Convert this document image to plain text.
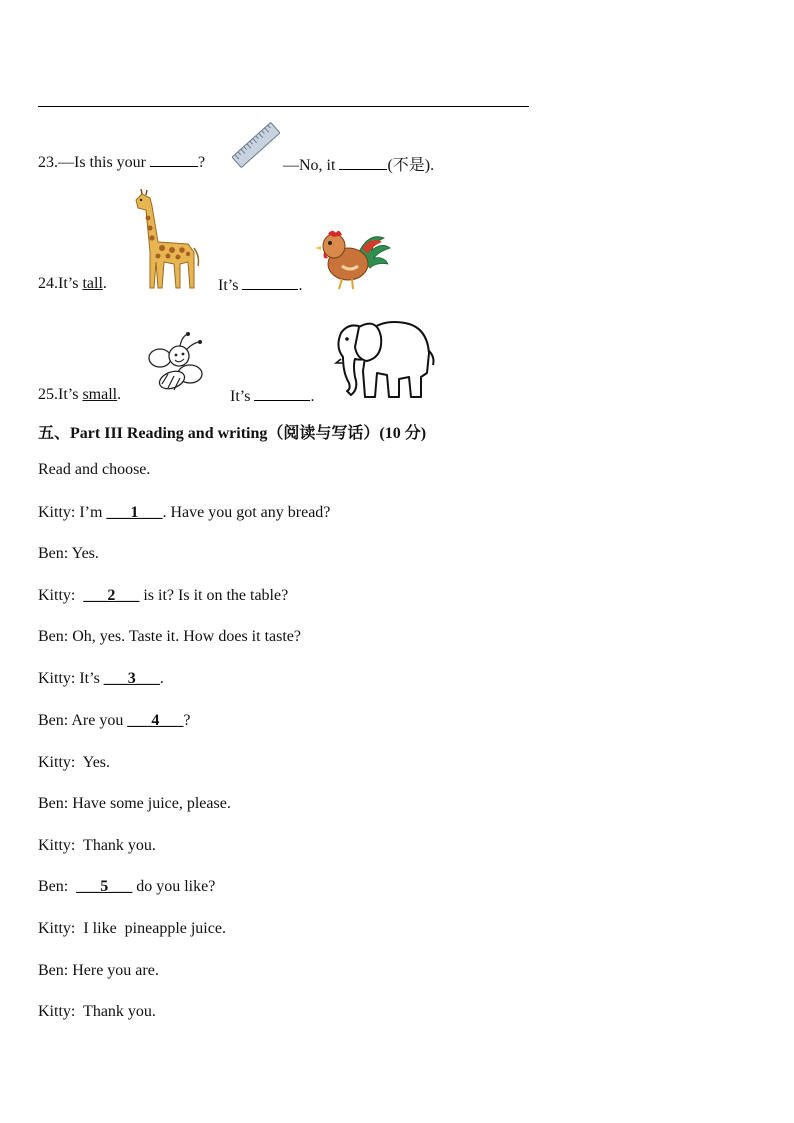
23.—Is this your	?	—No, it	(不是).
24.It’s tall.	It’s	.
25.It’s small.	It’s	.
五、Part III Reading and writing（阅读与写话）(10 分)
Read and choose.
Kitty: I’m ___1___. Have you got any bread?
Ben: Yes.
Kitty: ___2___ is it? Is it on the table?
Ben: Oh, yes. Taste it. How does it taste?
Kitty: It’s ___3___.
Ben: Are you ___4___?
Kitty:  Yes.
Ben: Have some juice, please.
Kitty:  Thank you.
Ben: ___5___ do you like?
Kitty:  I like  pineapple juice.
Ben: Here you are.
Kitty:  Thank you.
